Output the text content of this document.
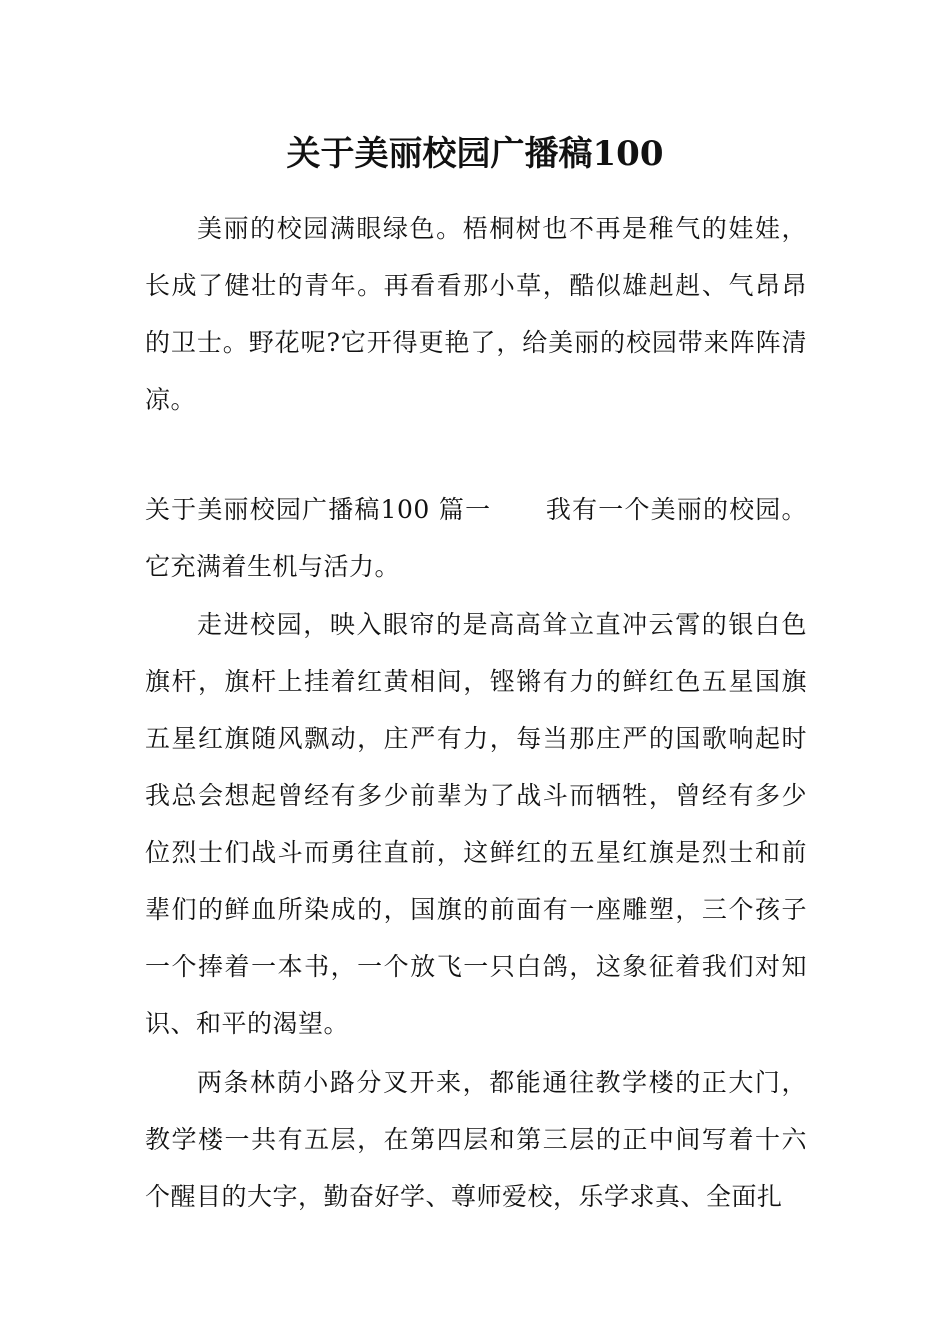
关于美丽校园广播稿100

美丽的校园满眼绿色。梧桐树也不再是稚气的娃娃，长成了健壮的青年。再看看那小草，酷似雄赳赳、气昂昂的卫士。野花呢?它开得更艳了，给美丽的校园带来阵阵清凉。

关于美丽校园广播稿100 篇一 我有一个美丽的校园。它充满着生机与活力。

走进校园，映入眼帘的是高高耸立直冲云霄的银白色旗杆，旗杆上挂着红黄相间，铿锵有力的鲜红色五星国旗五星红旗随风飘动，庄严有力，每当那庄严的国歌响起时我总会想起曾经有多少前辈为了战斗而牺牲，曾经有多少位烈士们战斗而勇往直前，这鲜红的五星红旗是烈士和前辈们的鲜血所染成的，国旗的前面有一座雕塑，三个孩子一个捧着一本书，一个放飞一只白鸽，这象征着我们对知识、和平的渴望。

两条林荫小路分叉开来，都能通往教学楼的正大门，教学楼一共有五层，在第四层和第三层的正中间写着十六个醒目的大字，勤奋好学、尊师爱校，乐学求真、全面扎
